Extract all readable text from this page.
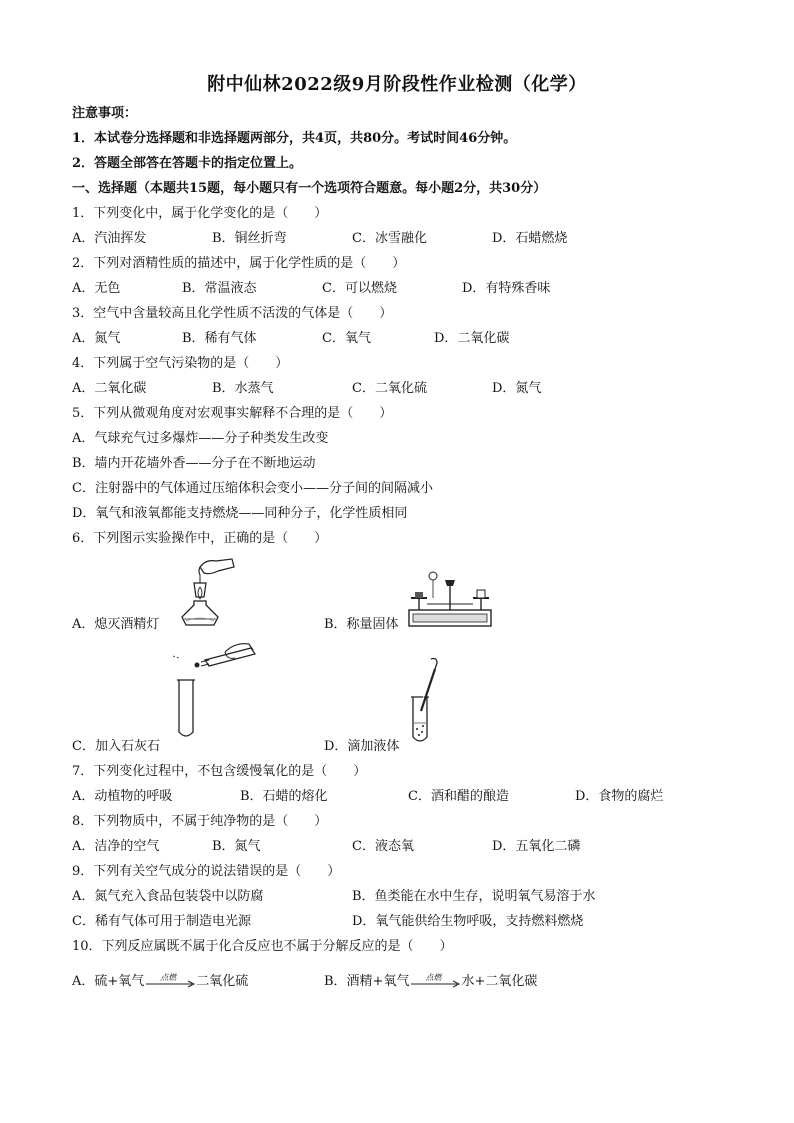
附中仙林2022级9月阶段性作业检测（化学）
注意事项：
1．本试卷分选择题和非选择题两部分，共4页，共80分。考试时间46分钟。
2．答题全部答在答题卡的指定位置上。
一、选择题（本题共15题，每小题只有一个选项符合题意。每小题2分，共30分）
1．下列变化中，属于化学变化的是（　　）
A．汽油挥发	B．铜丝折弯	C．冰雪融化	D．石蜡燃烧
2．下列对酒精性质的描述中，属于化学性质的是（　　）
A．无色	B．常温液态	C．可以燃烧	D．有特殊香味
3．空气中含量较高且化学性质不活泼的气体是（　　）
A．氮气	B．稀有气体	C．氧气	D．二氧化碳
4．下列属于空气污染物的是（　　）
A．二氧化碳	B．水蒸气	C．二氧化硫	D．氮气
5．下列从微观角度对宏观事实解释不合理的是（　　）
A．气球充气过多爆炸——分子种类发生改变
B．墙内开花墙外香——分子在不断地运动
C．注射器中的气体通过压缩体积会变小——分子间的间隔减小
D．氧气和液氧都能支持燃烧——同种分子，化学性质相同
6．下列图示实验操作中，正确的是（　　）
A．熄灭酒精灯	B．称量固体
C．加入石灰石	D．滴加液体
7．下列变化过程中，不包含缓慢氧化的是（　　）
A．动植物的呼吸	B．石蜡的熔化	C．酒和醋的酿造	D．食物的腐烂
8．下列物质中，不属于纯净物的是（　　）
A．洁净的空气	B．氮气	C．液态氧	D．五氧化二磷
9．下列有关空气成分的说法错误的是（　　）
A．氮气充入食品包装袋中以防腐	B．鱼类能在水中生存，说明氧气易溶于水
C．稀有气体可用于制造电光源	D．氧气能供给生物呼吸，支持燃料燃烧
10．下列反应属既不属于化合反应也不属于分解反应的是（　　）
A．硫+氧气 点燃 二氧化硫	B．酒精+氧气 点燃 水+二氧化碳
